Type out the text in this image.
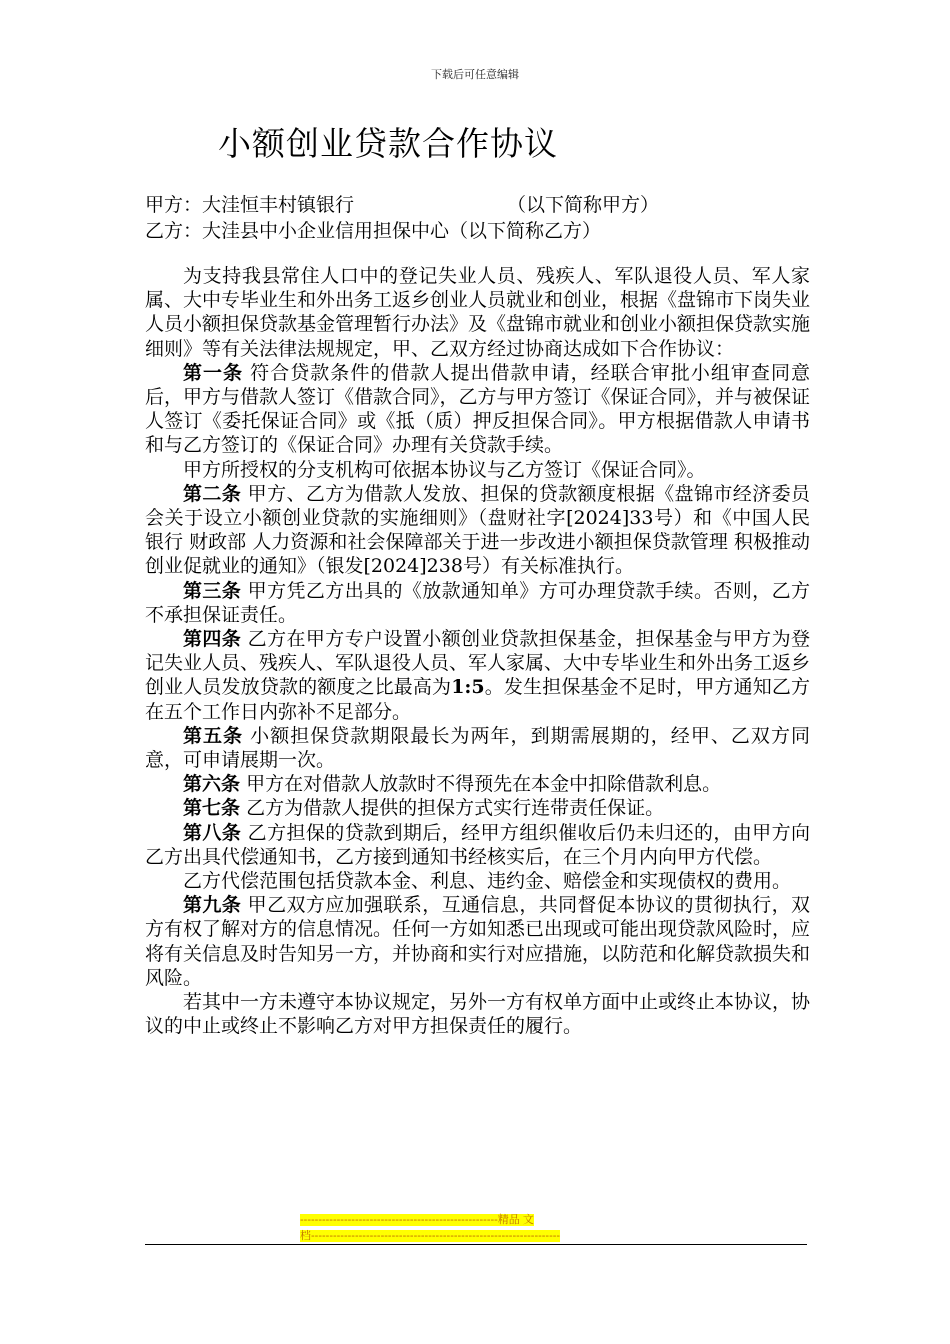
下载后可任意编辑
小额创业贷款合作协议
甲方：大洼恒丰村镇银行	（以下简称甲方）
乙方：大洼县中小企业信用担保中心（以下简称乙方）

为支持我县常住人口中的登记失业人员、残疾人、军队退役人员、军人家属、大中专毕业生和外出务工返乡创业人员就业和创业，根据《盘锦市下岗失业人员小额担保贷款基金管理暂行办法》及《盘锦市就业和创业小额担保贷款实施细则》等有关法律法规规定，甲、乙双方经过协商达成如下合作协议：

第一条 符合贷款条件的借款人提出借款申请，经联合审批小组审查同意后，甲方与借款人签订《借款合同》，乙方与甲方签订《保证合同》，并与被保证人签订《委托保证合同》或《抵（质）押反担保合同》。甲方根据借款人申请书和与乙方签订的《保证合同》办理有关贷款手续。

甲方所授权的分支机构可依据本协议与乙方签订《保证合同》。

第二条 甲方、乙方为借款人发放、担保的贷款额度根据《盘锦市经济委员会关于设立小额创业贷款的实施细则》（盘财社字[2024]33号）和《中国人民银行 财政部 人力资源和社会保障部关于进一步改进小额担保贷款管理 积极推动创业促就业的通知》（银发[2024]238号）有关标准执行。

第三条 甲方凭乙方出具的《放款通知单》方可办理贷款手续。否则，乙方不承担保证责任。

第四条 乙方在甲方专户设置小额创业贷款担保基金，担保基金与甲方为登记失业人员、残疾人、军队退役人员、军人家属、大中专毕业生和外出务工返乡创业人员发放贷款的额度之比最高为1:5。发生担保基金不足时，甲方通知乙方在五个工作日内弥补不足部分。

第五条 小额担保贷款期限最长为两年，到期需展期的，经甲、乙双方同意，可申请展期一次。

第六条 甲方在对借款人放款时不得预先在本金中扣除借款利息。

第七条 乙方为借款人提供的担保方式实行连带责任保证。

第八条 乙方担保的贷款到期后，经甲方组织催收后仍未归还的，由甲方向乙方出具代偿通知书，乙方接到通知书经核实后，在三个月内向甲方代偿。

乙方代偿范围包括贷款本金、利息、违约金、赔偿金和实现债权的费用。

第九条 甲乙双方应加强联系，互通信息，共同督促本协议的贯彻执行，双方有权了解对方的信息情况。任何一方如知悉已出现或可能出现贷款风险时，应将有关信息及时告知另一方，并协商和实行对应措施，以防范和化解贷款损失和风险。

若其中一方未遵守本协议规定，另外一方有权单方面中止或终止本协议，协议的中止或终止不影响乙方对甲方担保责任的履行。

------------------------------------------------------精品 文
档--------------------------------------------------------------------
